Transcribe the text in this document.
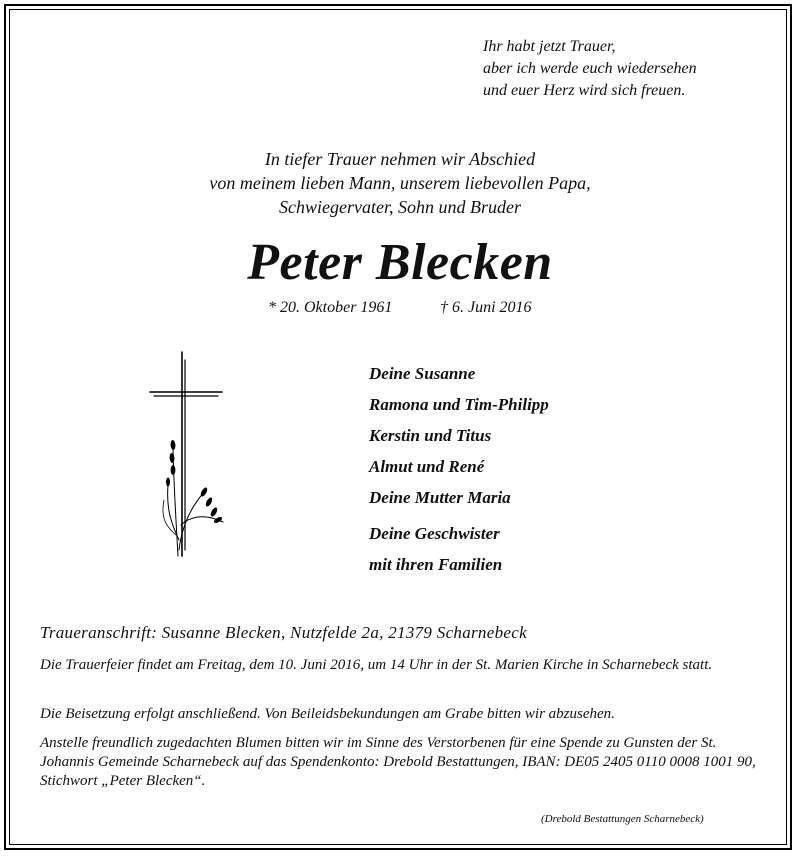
Ihr habt jetzt Trauer,
aber ich werde euch wiedersehen
und euer Herz wird sich freuen.
In tiefer Trauer nehmen wir Abschied
von meinem lieben Mann, unserem liebevollen Papa,
Schwiegervater, Sohn und Bruder
Peter Blecken
* 20. Oktober 1961	† 6. Juni 2016
Deine Susanne
Ramona und Tim-Philipp
Kerstin und Titus
Almut und René
Deine Mutter Maria
Deine Geschwister
mit ihren Familien
Traueranschrift: Susanne Blecken, Nutzfelde 2a, 21379 Scharnebeck
Die Trauerfeier findet am Freitag, dem 10. Juni 2016, um 14 Uhr in der St. Marien Kirche in Scharnebeck statt.
Die Beisetzung erfolgt anschließend. Von Beileidsbekundungen am Grabe bitten wir abzusehen.
Anstelle freundlich zugedachten Blumen bitten wir im Sinne des Verstorbenen für eine Spende zu Gunsten der St. Johannis Gemeinde Scharnebeck auf das Spendenkonto: Drebold Bestattungen, IBAN: DE05 2405 0110 0008 1001 90, Stichwort „Peter Blecken“.
(Drebold Bestattungen Scharnebeck)
